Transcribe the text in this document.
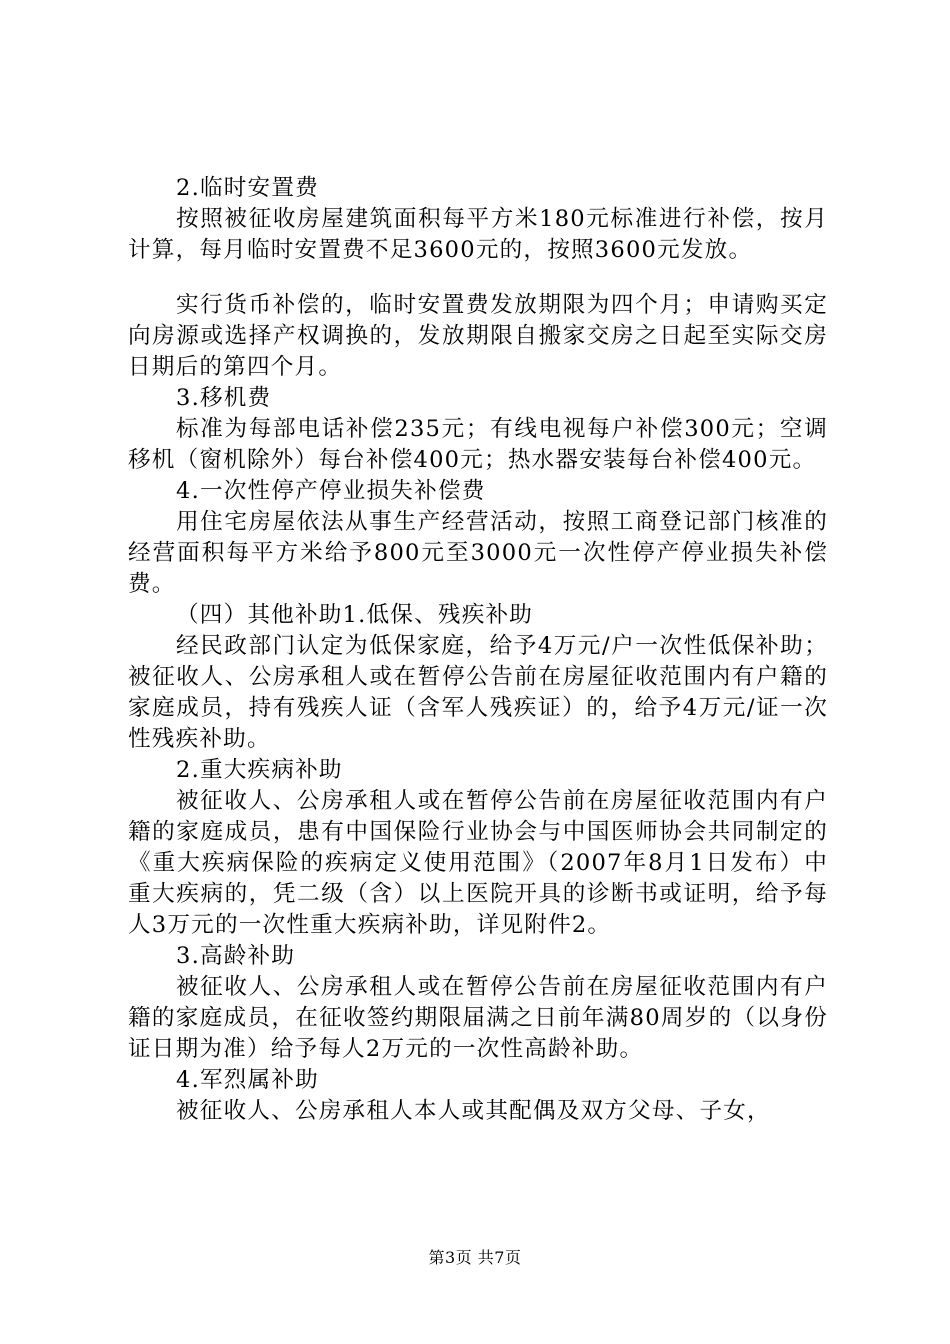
2.临时安置费

按照被征收房屋建筑面积每平方米180元标准进行补偿，按月计算，每月临时安置费不足3600元的，按照3600元发放。

实行货币补偿的，临时安置费发放期限为四个月；申请购买定向房源或选择产权调换的，发放期限自搬家交房之日起至实际交房日期后的第四个月。

3.移机费

标准为每部电话补偿235元；有线电视每户补偿300元；空调移机（窗机除外）每台补偿400元；热水器安装每台补偿400元。

4.一次性停产停业损失补偿费

用住宅房屋依法从事生产经营活动，按照工商登记部门核准的经营面积每平方米给予800元至3000元一次性停产停业损失补偿费。

（四）其他补助1.低保、残疾补助

经民政部门认定为低保家庭，给予4万元/户一次性低保补助；被征收人、公房承租人或在暂停公告前在房屋征收范围内有户籍的家庭成员，持有残疾人证（含军人残疾证）的，给予4万元/证一次性残疾补助。

2.重大疾病补助

被征收人、公房承租人或在暂停公告前在房屋征收范围内有户籍的家庭成员，患有中国保险行业协会与中国医师协会共同制定的《重大疾病保险的疾病定义使用范围》（2007年8月1日发布）中重大疾病的，凭二级（含）以上医院开具的诊断书或证明，给予每人3万元的一次性重大疾病补助，详见附件2。

3.高龄补助

被征收人、公房承租人或在暂停公告前在房屋征收范围内有户籍的家庭成员，在征收签约期限届满之日前年满80周岁的（以身份证日期为准）给予每人2万元的一次性高龄补助。

4.军烈属补助

被征收人、公房承租人本人或其配偶及双方父母、子女，

第3页 共7页
